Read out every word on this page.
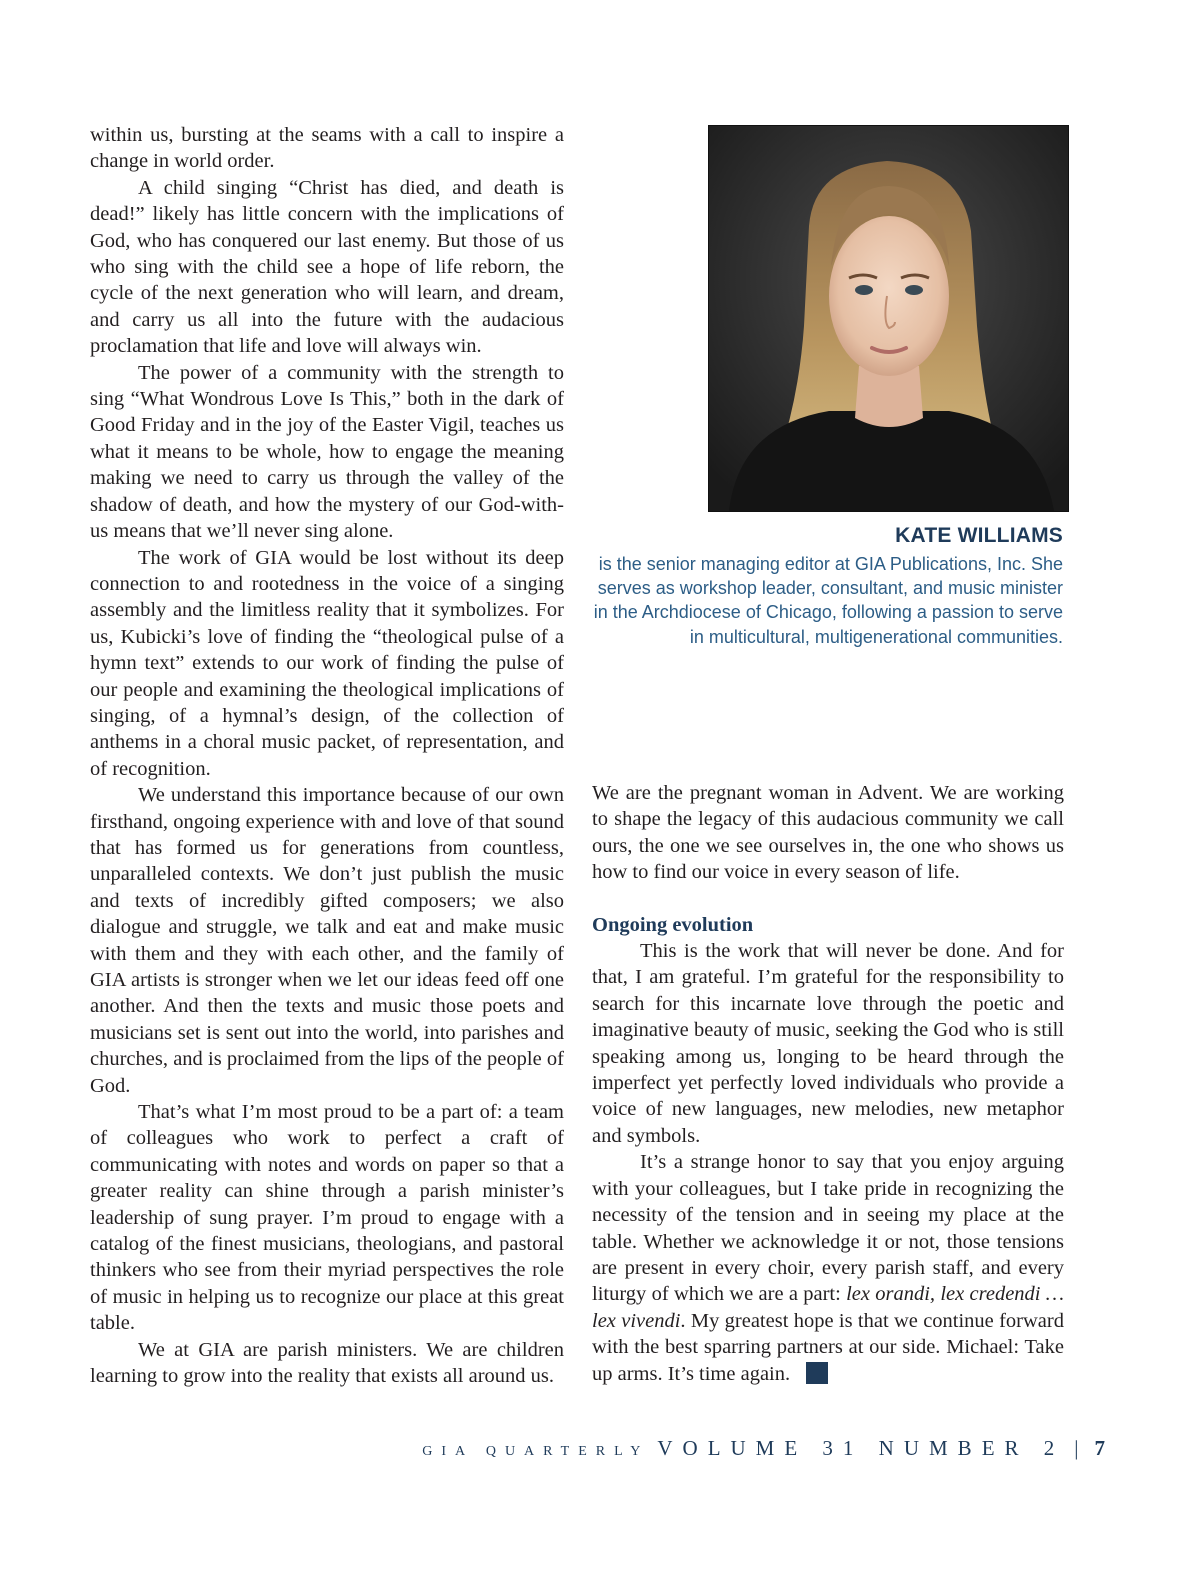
within us, bursting at the seams with a call to inspire a change in world order.

A child singing “Christ has died, and death is dead!” likely has little concern with the implications of God, who has conquered our last enemy. But those of us who sing with the child see a hope of life reborn, the cycle of the next generation who will learn, and dream, and carry us all into the future with the audacious proclamation that life and love will always win.

The power of a community with the strength to sing “What Wondrous Love Is This,” both in the dark of Good Friday and in the joy of the Easter Vigil, teaches us what it means to be whole, how to engage the meaning making we need to carry us through the valley of the shadow of death, and how the mystery of our God-with-us means that we’ll never sing alone.

The work of GIA would be lost without its deep connection to and rootedness in the voice of a singing assembly and the limitless reality that it symbolizes. For us, Kubicki’s love of finding the “theological pulse of a hymn text” extends to our work of finding the pulse of our people and examining the theological implications of singing, of a hymnal’s design, of the collection of anthems in a choral music packet, of representation, and of recognition.

We understand this importance because of our own firsthand, ongoing experience with and love of that sound that has formed us for generations from countless, unparalleled contexts. We don’t just publish the music and texts of incredibly gifted composers; we also dialogue and struggle, we talk and eat and make music with them and they with each other, and the family of GIA artists is stronger when we let our ideas feed off one another. And then the texts and music those poets and musicians set is sent out into the world, into parishes and churches, and is proclaimed from the lips of the people of God.

That’s what I’m most proud to be a part of: a team of colleagues who work to perfect a craft of communicating with notes and words on paper so that a greater reality can shine through a parish minister’s leadership of sung prayer. I’m proud to engage with a catalog of the finest musicians, theologians, and pastoral thinkers who see from their myriad perspectives the role of music in helping us to recognize our place at this great table.

We at GIA are parish ministers. We are children learning to grow into the reality that exists all around us.

KATE WILLIAMS
is the senior managing editor at GIA Publications, Inc. She serves as workshop leader, consultant, and music minister in the Archdiocese of Chicago, following a passion to serve in multicultural, multigenerational communities.

We are the pregnant woman in Advent. We are working to shape the legacy of this audacious community we call ours, the one we see ourselves in, the one who shows us how to find our voice in every season of life.

Ongoing evolution

This is the work that will never be done. And for that, I am grateful. I’m grateful for the responsibility to search for this incarnate love through the poetic and imaginative beauty of music, seeking the God who is still speaking among us, longing to be heard through the imperfect yet perfectly loved individuals who provide a voice of new languages, new melodies, new metaphor and symbols.

It’s a strange honor to say that you enjoy arguing with your colleagues, but I take pride in recognizing the necessity of the tension and in seeing my place at the table. Whether we acknowledge it or not, those tensions are present in every choir, every parish staff, and every liturgy of which we are a part: lex orandi, lex credendi … lex vivendi. My greatest hope is that we continue forward with the best sparring partners at our side. Michael: Take up arms. It’s time again.

GIA QUARTERLY VOLUME 31 NUMBER 2 | 7
